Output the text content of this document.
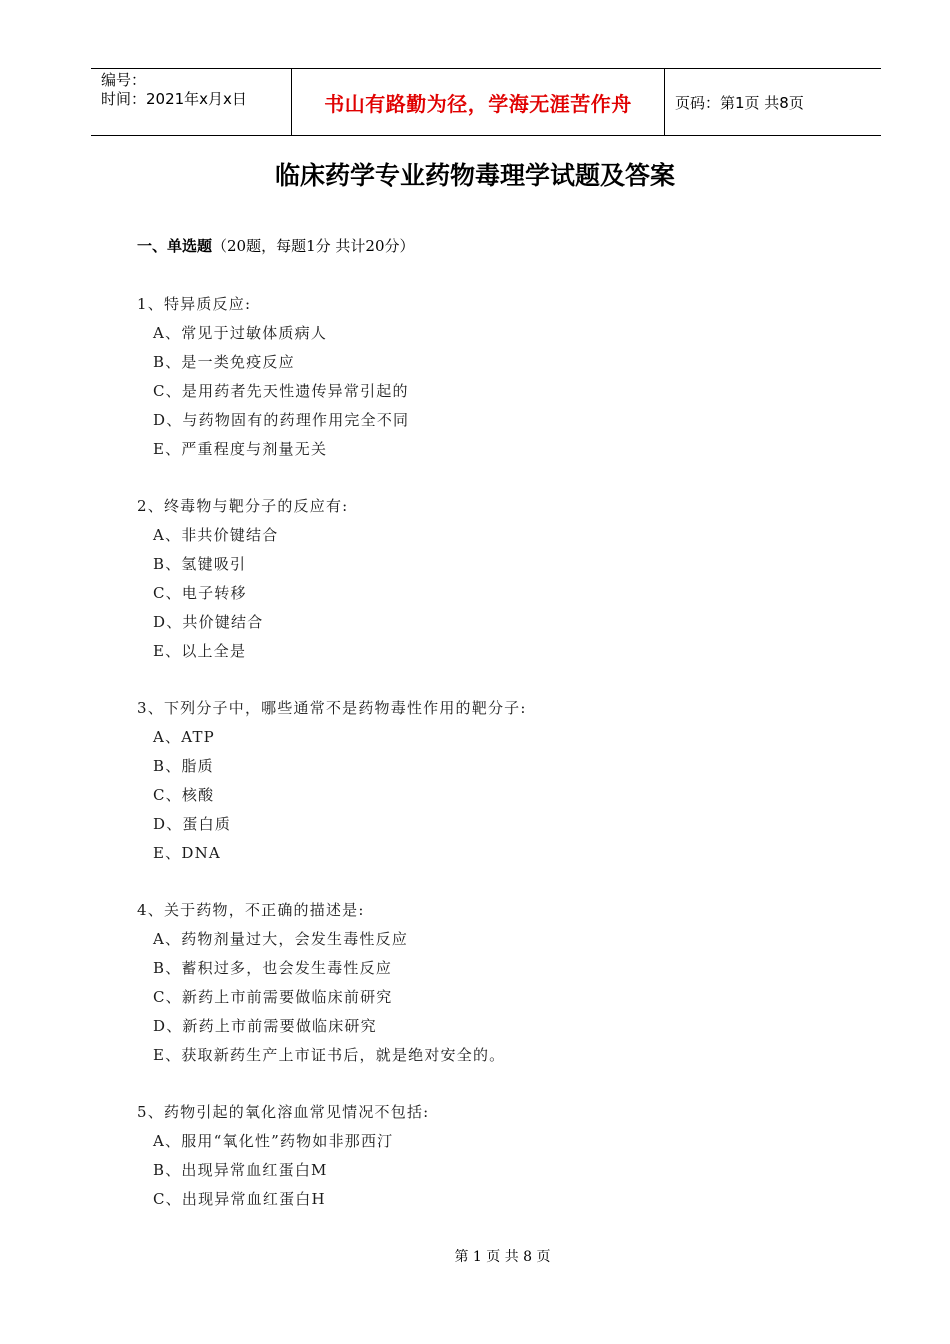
编号：
时间：2021年x月x日	书山有路勤为径，学海无涯苦作舟	页码：第1页 共8页
临床药学专业药物毒理学试题及答案
一、单选题（20题，每题1分 共计20分）
1、特异质反应:
A、常见于过敏体质病人
B、是一类免疫反应
C、是用药者先天性遗传异常引起的
D、与药物固有的药理作用完全不同
E、严重程度与剂量无关
2、终毒物与靶分子的反应有:
A、非共价键结合
B、氢键吸引
C、电子转移
D、共价键结合
E、以上全是
3、下列分子中，哪些通常不是药物毒性作用的靶分子:
A、ATP
B、脂质
C、核酸
D、蛋白质
E、DNA
4、关于药物，不正确的描述是:
A、药物剂量过大，会发生毒性反应
B、蓄积过多，也会发生毒性反应
C、新药上市前需要做临床前研究
D、新药上市前需要做临床研究
E、获取新药生产上市证书后，就是绝对安全的。
5、药物引起的氧化溶血常见情况不包括:
A、服用“氧化性”药物如非那西汀
B、出现异常血红蛋白M
C、出现异常血红蛋白H
第 1 页 共 8 页
